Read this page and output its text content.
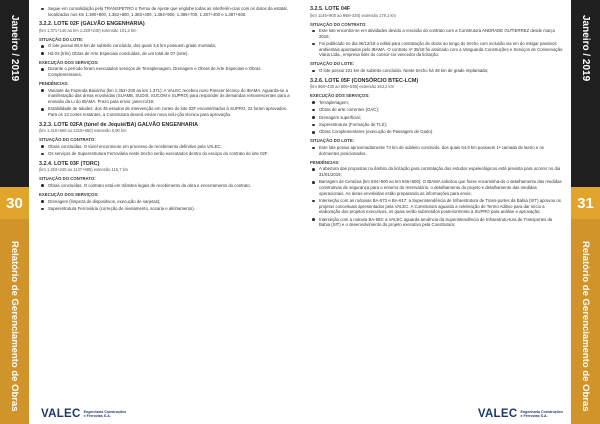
Janeiro / 2019
30
Relatório de Gerenciamento de Obras
Segue em consolidação pela TRANSPETRO o Termo de Ajuste que englobe todas as interferên-cias com os dutos da estatal, localizados nos km 1.380+800, 1.362+800, 1.383+400, 1.384+900, 1.385+700, 1.387+400 e 1.387+600.
3.2.2. LOTE 02F (GALVÃO ENGENHARIA)
(km 1.371+140 ao km 1.250+240) extensão 101,2 km
SITUAÇÃO DO LOTE:
O lote possui 80,8 km de subleito concluído, dos quais 3,6 km possuem grade montada;
Há 03 (três) Obras de Arte Especiais concluídas, de um total de 07 (sete).
EXECUÇÃO DOS SERVIÇOS:
Durante o período foram executados serviços de Terraplenagem, Drenagem e Obras de Arte Especiais e Obras Complementares.
PENDÊNCIAS:
Variante da Fazenda Baixinho (km 1.362+200 ao km 1.371): A VALEC recebeu novo Parecer técnico do IBAMA. Aguarda-se a manifestação das áreas envolvidas (SUAMB, SUDIS, SUCOM e SUPRO) para responder às demandas remanescentes para a emissão da LI do IBAMA. Prazo para envio: janei-ro/19;
Estabilidade de taludes: dos 45 estudos de intervenção em cortes do lote 02F encaminhados à SUPRO, 32 foram aprovados. Para os 13 cortes restantes, a Construtora deverá enviar nova solu-ção técnica para aprovação.
3.2.3. LOTE 02FA (túnel de Jequié/BA) GALVÃO ENGENHARIA
(km 1.316+550 ao 1315+650) extensão 0,90 km
SITUAÇÃO DO CONTRATO:
Obras concluídas. O túnel encontra-se em processo de recebimento definitivo pela VALEC.
Os serviços de Superestrutura Ferroviária neste trecho serão executados dentro do escopo do contrato do lote 02F.
3.2.4. LOTE 03F (TORC)
(km 1.253+240 ao 1137+885) extensão 115,7 km
SITUAÇÃO DO CONTRATO:
Obras concluídas. O contrato está em trâmites legais de recebimento da obra e encerramento do contrato.
EXECUÇÃO DOS SERVIÇOS:
Drenagem (limpeza de dispositivos, execução de sarjetas);
Superestrutura Ferroviária (correção de nivelamento, socaria e alinhamento).
VALEC Engenharia Construções
e Ferrovias S.A.
3.2.5. LOTE 04F
(km 1145+900 ao 968+430) extensão 178,1 km
SITUAÇÃO DO CONTRATO:
Este lote encontra-se em atividades devido a rescisão do contrato com a Construtora ANDRADE GUTIERREZ desde março 2016;
Foi publicado no dia 06/12/18 o edital para contratação de obras ao longo do trecho com inclusão via em do mitigar passivos ambientais apontados pelo IBAMA. O contrato nº 35/18 foi assinado com a Vanguarda Construções e Serviços de Conservação Viária Ltda., empresa líder do consór-cio vencedor da licitação.
SITUAÇÃO DO LOTE:
O lote possui 101 km de subleito concluído. Neste trecho há 48 km de grade implantada;
3.2.6. LOTE 05F (CONSÓRCIO BTEC-LCM)
(km 968+430 ao 806+595) extensão 163,2 km
EXECUÇÃO DOS SERVIÇOS:
Terraplenagem;
Obras de arte correntes (OAC);
Drenagem superficial;
Superestrutura (Formação de TLS);
Obras Complementares (execução de Passagem de Gado).
SITUAÇÃO DO LOTE:
Este lote possui aproximadamente 74 km de subleito concluído, dos quais 64,5 km possuem 1ª camada de lastro e os dormentes posicionados.
PENDÊNCIAS:
A abertura das propostas no âmbito da licitação para contratação dos estudos espeleológicos está prevista para ocorrer no dia 31/01/2019;
Barragem de Ceraíma (km 934+500 ao km 946+500): O IBAMA solicitou que fosse encaminha-do o detalhamento das medidas construtivas de segurança para o entorno do reservatório, o detalhamento do projeto e detalhamento das medidas operacionais. As áreas envolvidas estão preparando as informações para envio;
Interseção com as rodovias BA-573 e BA-617: a Superintendência de Infraestrutura de Trans-portes da Bahia (SIT) aprovou os projetos conceituais apresentados pela VALEC. A Construtora aguarda a celebração de Termo Aditivo para dar início a elaboração dos projetos executivos, os quais serão submetidos posteriormente à SUPRO para análise e aprovação;
Interseção com a rodovia BA-583: a VALEC aguarda anuência da Superintendência de Infraestrutu-tura de Transportes da Bahia (SIT) e o desenvolvimento do projeto executivo pela Construtora;
VALEC Engenharia Construções
e Ferrovias S.A.
Janeiro / 2019
31
Relatório de Gerenciamento de Obras
